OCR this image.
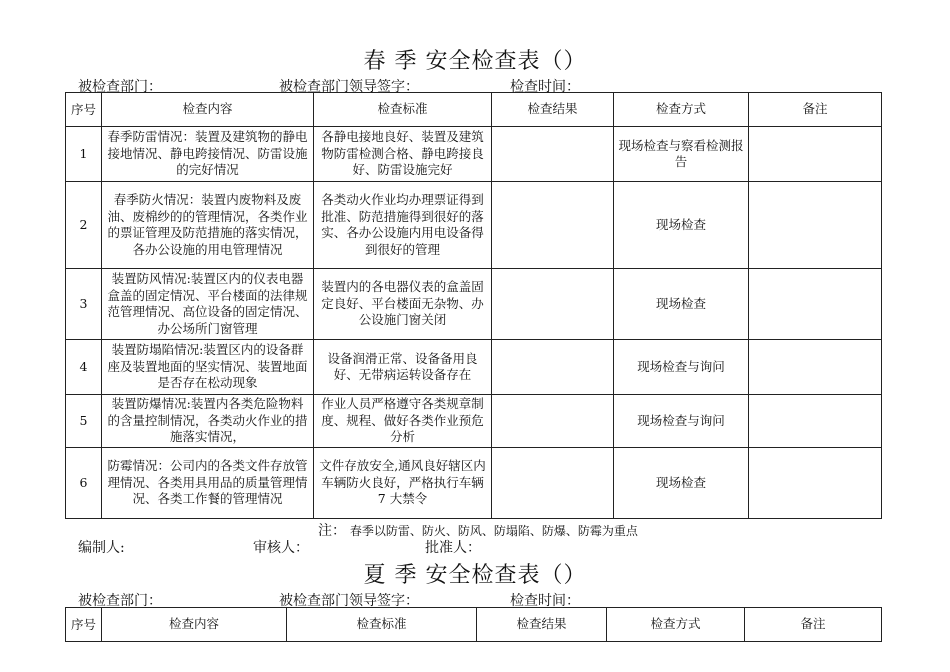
春 季 安全检查表（）
被检查部门：	被检查部门领导签字：	检查时间：
序号	检查内容	检查标准	检查结果	检查方式	备注
1	春季防雷情况：装置及建筑物的静电接地情况、静电跨接情况、防雷设施的完好情况	各静电接地良好、装置及建筑物防雷检测合格、静电跨接良好、防雷设施完好		现场检查与察看检测报告	
2	春季防火情况：装置内废物料及废油、废棉纱的的管理情况，各类作业的票证管理及防范措施的落实情况，各办公设施的用电管理情况	各类动火作业均办理票证得到批准、防范措施得到很好的落实、各办公设施内用电设备得到很好的管理		现场检查	
3	装置防风情况:装置区内的仪表电器盒盖的固定情况、平台楼面的法律规范管理情况、高位设备的固定情况、办公场所门窗管理	装置内的各电器仪表的盒盖固定良好、平台楼面无杂物、办公设施门窗关闭		现场检查	
4	装置防塌陷情况:装置区内的设备群座及装置地面的坚实情况、装置地面是否存在松动现象	设备润滑正常、设备备用良好、无带病运转设备存在		现场检查与询问	
5	装置防爆情况:装置内各类危险物料的含量控制情况，各类动火作业的措施落实情况，	作业人员严格遵守各类规章制度、规程、做好各类作业预危分析		现场检查与询问	
6	防霉情况：公司内的各类文件存放管理情况、各类用具用品的质量管理情况、各类工作餐的管理情况	文件存放安全,通风良好辖区内车辆防火良好，严格执行车辆 7 大禁令		现场检查	
注： 春季以防雷、防火、防风、防塌陷、防爆、防霉为重点
编制人:	审核人：	批准人：
夏 季 安全检查表（）
被检查部门：	被检查部门领导签字：	检查时间：
序号	检查内容	检查标准	检查结果	检查方式	备注
